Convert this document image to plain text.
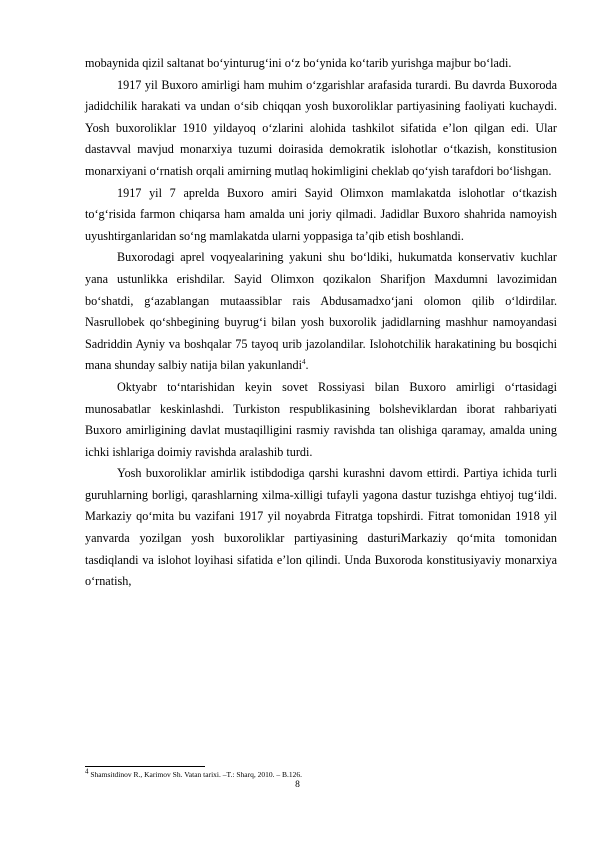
mobaynida qizil saltanat bo‘yinturug‘ini o‘z bo‘ynida ko‘tarib yurishga majbur bo‘ladi.

1917 yil Buxoro amirligi ham muhim o‘zgarishlar arafasida turardi. Bu davrda Buxoroda jadidchilik harakati va undan o‘sib chiqqan yosh buxoroliklar partiyasining faoliyati kuchaydi. Yosh buxoroliklar 1910 yildayoq o‘zlarini alohida tashkilot sifatida e’lon qilgan edi. Ular dastavval mavjud monarxiya tuzumi doirasida demokratik islohotlar o‘tkazish, konstitusion monarxiyani o‘rnatish orqali amirning mutlaq hokimligini cheklab qo‘yish tarafdori bo‘lishgan.

1917 yil 7 aprelda Buxoro amiri Sayid Olimxon mamlakatda islohotlar o‘tkazish to‘g‘risida farmon chiqarsa ham amalda uni joriy qilmadi. Jadidlar Buxoro shahrida namoyish uyushtirganlaridan so‘ng mamlakatda ularni yoppasiga ta’qib etish boshlandi.

Buxorodagi aprel voqyealarining yakuni shu bo‘ldiki, hukumatda konservativ kuchlar yana ustunlikka erishdilar. Sayid Olimxon qozikalon Sharifjon Maxdumni lavozimidan bo‘shatdi, g‘azablangan mutaassiblar rais Abdusamadxo‘janі olomon qilib o‘ldirdilar. Nasrullobek qo‘shbegining buyrug‘i bilan yosh buxorolik jadidlarning mashhur namoyandasi Sadriddin Ayniy va boshqalar 75 tayoq urib jazolandilar. Islohotchilik harakatining bu bosqichi mana shunday salbiy natija bilan yakunlandi$^4$.

Oktyabr to‘ntarishidan keyin sovet Rossiyasi bilan Buxoro amirligi o‘rtasidagi munosabatlar keskinlashdi. Turkiston respublikasining bolsheviklardan iborat rahbariyati Buxoro amirligining davlat mustaqilligini rasmiy ravishda tan olishiga qaramay, amalda uning ichki ishlariga doimiy ravishda aralashib turdi.

Yosh buxoroliklar amirlik istibdodiga qarshi kurashni davom ettirdi. Partiya ichida turli guruhlarning borligi, qarashlarning xilma-xilligi tufayli yagona dastur tuzishga ehtiyoj tug‘ildi. Markaziy qo‘mita bu vazifani 1917 yil noyabrda Fitratga topshirdi. Fitrat tomonidan 1918 yil yanvarda yozilgan yosh buxoroliklar partiyasining dasturiMarkaziy qo‘mita tomonidan tasdiqlandi va islohot loyihasi sifatida e’lon qilindi. Unda Buxoroda konstitusiyaviy monarxiya o‘rnatish,

$^4$ Shamsitdinov R., Karimov Sh. Vatan tarixi. –T.: Sharq, 2010. – B.126.
8
